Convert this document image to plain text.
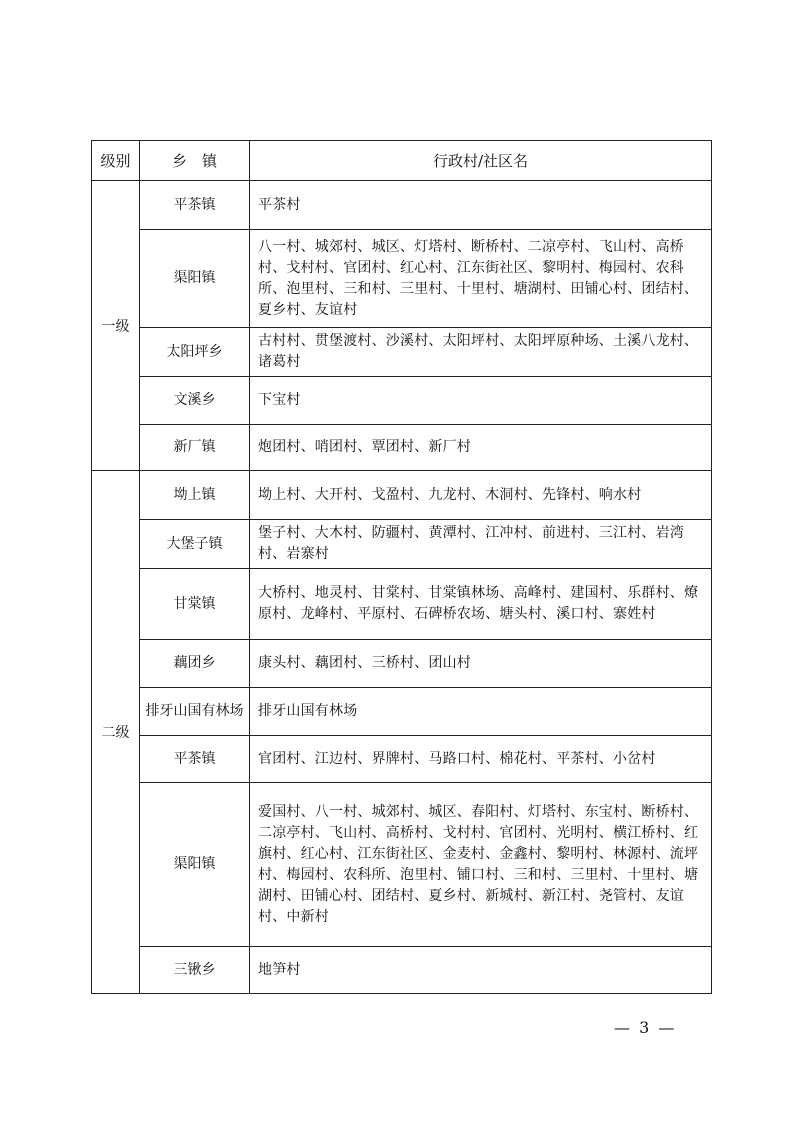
级别	乡　镇	行政村/社区名
一级	平茶镇	平茶村
	渠阳镇	八一村、城郊村、城区、灯塔村、断桥村、二凉亭村、飞山村、高桥村、戈村村、官团村、红心村、江东街社区、黎明村、梅园村、农科所、泡里村、三和村、三里村、十里村、塘湖村、田铺心村、团结村、夏乡村、友谊村
	太阳坪乡	古村村、贯堡渡村、沙溪村、太阳坪村、太阳坪原种场、土溪八龙村、诸葛村
	文溪乡	下宝村
	新厂镇	炮团村、哨团村、覃团村、新厂村
二级	坳上镇	坳上村、大开村、戈盈村、九龙村、木洞村、先锋村、响水村
	大堡子镇	堡子村、大木村、防疆村、黄潭村、江冲村、前进村、三江村、岩湾村、岩寨村
	甘棠镇	大桥村、地灵村、甘棠村、甘棠镇林场、高峰村、建国村、乐群村、燎原村、龙峰村、平原村、石碑桥农场、塘头村、溪口村、寨姓村
	藕团乡	康头村、藕团村、三桥村、团山村
	排牙山国有林场	排牙山国有林场
	平茶镇	官团村、江边村、界牌村、马路口村、棉花村、平茶村、小岔村
	渠阳镇	爱国村、八一村、城郊村、城区、春阳村、灯塔村、东宝村、断桥村、二凉亭村、飞山村、高桥村、戈村村、官团村、光明村、横江桥村、红旗村、红心村、江东街社区、金麦村、金鑫村、黎明村、林源村、流坪村、梅园村、农科所、泡里村、铺口村、三和村、三里村、十里村、塘湖村、田铺心村、团结村、夏乡村、新城村、新江村、尧管村、友谊村、中新村
	三锹乡	地笋村
— 3 —
